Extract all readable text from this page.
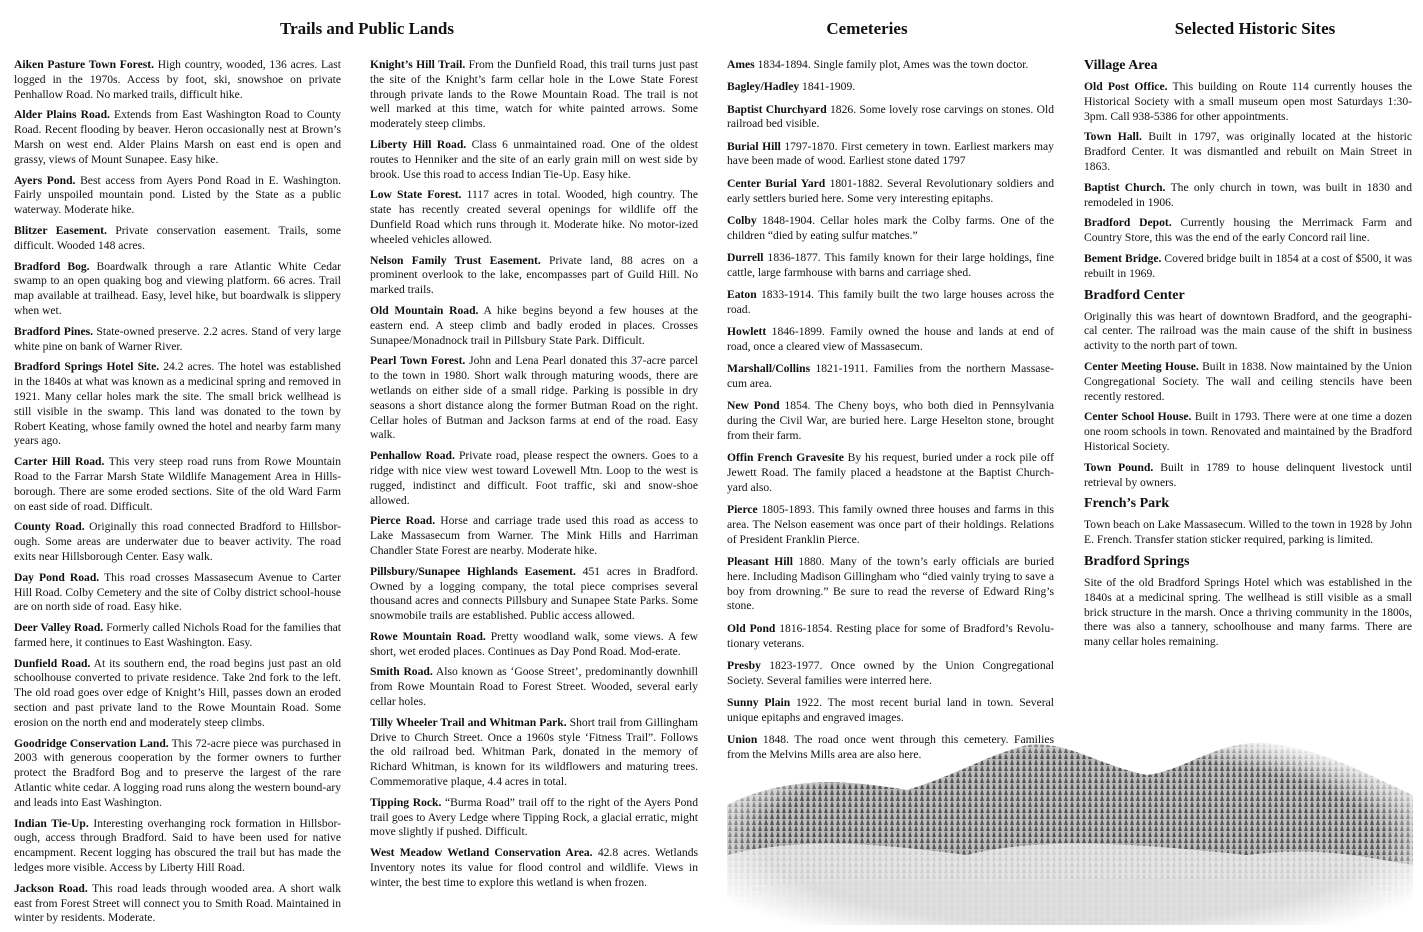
Trails and Public Lands	Cemeteries	Selected Historic Sites
Aiken Pasture Town Forest. High country, wooded, 136 acres. Last logged in the 1970s. Access by foot, ski, snowshoe on private Penhallow Road. No marked trails, difficult hike.
Alder Plains Road. Extends from East Washington Road to County Road. Recent flooding by beaver. Heron occasionally nest at Brown’s Marsh on west end. Alder Plains Marsh on east end is open and grassy, views of Mount Sunapee. Easy hike.
Ayers Pond. Best access from Ayers Pond Road in E. Washington. Fairly unspoiled mountain pond. Listed by the State as a public waterway. Moderate hike.
Blitzer Easement. Private conservation easement. Trails, some difficult. Wooded 148 acres.
Bradford Bog. Boardwalk through a rare Atlantic White Cedar swamp to an open quaking bog and viewing platform. 66 acres. Trail map available at trailhead. Easy, level hike, but boardwalk is slippery when wet.
Bradford Pines. State-owned preserve. 2.2 acres. Stand of very large white pine on bank of Warner River.
Bradford Springs Hotel Site. 24.2 acres. The hotel was established in the 1840s at what was known as a medicinal spring and removed in 1921. Many cellar holes mark the site. The small brick wellhead is still visible in the swamp. This land was donated to the town by Robert Keating, whose family owned the hotel and nearby farm many years ago.
Carter Hill Road. This very steep road runs from Rowe Mountain Road to the Farrar Marsh State Wildlife Management Area in Hills-borough. There are some eroded sections. Site of the old Ward Farm on east side of road. Difficult.
County Road. Originally this road connected Bradford to Hillsbor-ough. Some areas are underwater due to beaver activity. The road exits near Hillsborough Center. Easy walk.
Day Pond Road. This road crosses Massasecum Avenue to Carter Hill Road. Colby Cemetery and the site of Colby district school-house are on north side of road. Easy hike.
Deer Valley Road. Formerly called Nichols Road for the families that farmed here, it continues to East Washington. Easy.
Dunfield Road. At its southern end, the road begins just past an old schoolhouse converted to private residence. Take 2nd fork to the left. The old road goes over edge of Knight’s Hill, passes down an eroded section and past private land to the Rowe Mountain Road. Some erosion on the north end and moderately steep climbs.
Goodridge Conservation Land. This 72-acre piece was purchased in 2003 with generous cooperation by the former owners to further protect the Bradford Bog and to preserve the largest of the rare Atlantic white cedar. A logging road runs along the western bound-ary and leads into East Washington.
Indian Tie-Up. Interesting overhanging rock formation in Hillsbor-ough, access through Bradford. Said to have been used for native encampment. Recent logging has obscured the trail but has made the ledges more visible. Access by Liberty Hill Road.
Jackson Road. This road leads through wooded area. A short walk east from Forest Street will connect you to Smith Road. Maintained in winter by residents. Moderate.
Knight’s Hill Trail. From the Dunfield Road, this trail turns just past the site of the Knight’s farm cellar hole in the Lowe State Forest through private lands to the Rowe Mountain Road. The trail is not well marked at this time, watch for white painted arrows. Some moderately steep climbs.
Liberty Hill Road. Class 6 unmaintained road. One of the oldest routes to Henniker and the site of an early grain mill on west side by brook. Use this road to access Indian Tie-Up. Easy hike.
Low State Forest. 1117 acres in total. Wooded, high country. The state has recently created several openings for wildlife off the Dunfield Road which runs through it. Moderate hike. No motor-ized wheeled vehicles allowed.
Nelson Family Trust Easement. Private land, 88 acres on a prominent overlook to the lake, encompasses part of Guild Hill. No marked trails.
Old Mountain Road. A hike begins beyond a few houses at the eastern end. A steep climb and badly eroded in places. Crosses Sunapee/Monadnock trail in Pillsbury State Park. Difficult.
Pearl Town Forest. John and Lena Pearl donated this 37-acre parcel to the town in 1980. Short walk through maturing woods, there are wetlands on either side of a small ridge. Parking is possible in dry seasons a short distance along the former Butman Road on the right. Cellar holes of Butman and Jackson farms at end of the road. Easy walk.
Penhallow Road. Private road, please respect the owners. Goes to a ridge with nice view west toward Lovewell Mtn. Loop to the west is rugged, indistinct and difficult. Foot traffic, ski and snow-shoe allowed.
Pierce Road. Horse and carriage trade used this road as access to Lake Massasecum from Warner. The Mink Hills and Harriman Chandler State Forest are nearby. Moderate hike.
Pillsbury/Sunapee Highlands Easement. 451 acres in Bradford. Owned by a logging company, the total piece comprises several thousand acres and connects Pillsbury and Sunapee State Parks. Some snowmobile trails are established. Public access allowed.
Rowe Mountain Road. Pretty woodland walk, some views. A few short, wet eroded places. Continues as Day Pond Road. Mod-erate.
Smith Road. Also known as ‘Goose Street’, predominantly downhill from Rowe Mountain Road to Forest Street. Wooded, several early cellar holes.
Tilly Wheeler Trail and Whitman Park. Short trail from Gillingham Drive to Church Street. Once a 1960s style ‘Fitness Trail”. Follows the old railroad bed. Whitman Park, donated in the memory of Richard Whitman, is known for its wildflowers and maturing trees. Commemorative plaque, 4.4 acres in total.
Tipping Rock. “Burma Road” trail off to the right of the Ayers Pond trail goes to Avery Ledge where Tipping Rock, a glacial erratic, might move slightly if pushed. Difficult.
West Meadow Wetland Conservation Area. 42.8 acres. Wetlands Inventory notes its value for flood control and wildlife. Views in winter, the best time to explore this wetland is when frozen.
Ames 1834-1894. Single family plot, Ames was the town doctor.
Bagley/Hadley 1841-1909.
Baptist Churchyard 1826. Some lovely rose carvings on stones. Old railroad bed visible.
Burial Hill 1797-1870. First cemetery in town. Earliest markers may have been made of wood. Earliest stone dated 1797
Center Burial Yard 1801-1882. Several Revolutionary soldiers and early settlers buried here. Some very interesting epitaphs.
Colby 1848-1904. Cellar holes mark the Colby farms. One of the children “died by eating sulfur matches.”
Durrell 1836-1877. This family known for their large holdings, fine cattle, large farmhouse with barns and carriage shed.
Eaton 1833-1914. This family built the two large houses across the road.
Howlett 1846-1899. Family owned the house and lands at end of road, once a cleared view of Massasecum.
Marshall/Collins 1821-1911. Families from the northern Massase-cum area.
New Pond 1854. The Cheny boys, who both died in Pennsylvania during the Civil War, are buried here. Large Heselton stone, brought from their farm.
Offin French Gravesite By his request, buried under a rock pile off Jewett Road. The family placed a headstone at the Baptist Church-yard also.
Pierce 1805-1893. This family owned three houses and farms in this area. The Nelson easement was once part of their holdings. Relations of President Franklin Pierce.
Pleasant Hill 1880. Many of the town’s early officials are buried here. Including Madison Gillingham who “died vainly trying to save a boy from drowning.” Be sure to read the reverse of Edward Ring’s stone.
Old Pond 1816-1854. Resting place for some of Bradford’s Revolu-tionary veterans.
Presby 1823-1977. Once owned by the Union Congregational Society. Several families were interred here.
Sunny Plain 1922. The most recent burial land in town. Several unique epitaphs and engraved images.
Union 1848. The road once went through this cemetery. Families from the Melvins Mills area are also here.
Village Area
Old Post Office. This building on Route 114 currently houses the Historical Society with a small museum open most Saturdays 1:30-3pm. Call 938-5386 for other appointments.
Town Hall. Built in 1797, was originally located at the historic Bradford Center. It was dismantled and rebuilt on Main Street in 1863.
Baptist Church. The only church in town, was built in 1830 and remodeled in 1906.
Bradford Depot. Currently housing the Merrimack Farm and Country Store, this was the end of the early Concord rail line.
Bement Bridge. Covered bridge built in 1854 at a cost of $500, it was rebuilt in 1969.
Bradford Center
Originally this was heart of downtown Bradford, and the geographi-cal center. The railroad was the main cause of the shift in business activity to the north part of town.
Center Meeting House. Built in 1838. Now maintained by the Union Congregational Society. The wall and ceiling stencils have been recently restored.
Center School House. Built in 1793. There were at one time a dozen one room schools in town. Renovated and maintained by the Bradford Historical Society.
Town Pound. Built in 1789 to house delinquent livestock until retrieval by owners.
French’s Park
Town beach on Lake Massasecum. Willed to the town in 1928 by John E. French. Transfer station sticker required, parking is limited.
Bradford Springs
Site of the old Bradford Springs Hotel which was established in the 1840s at a medicinal spring. The wellhead is still visible as a small brick structure in the marsh. Once a thriving community in the 1800s, there was also a tannery, schoolhouse and many farms. There are many cellar holes remaining.
